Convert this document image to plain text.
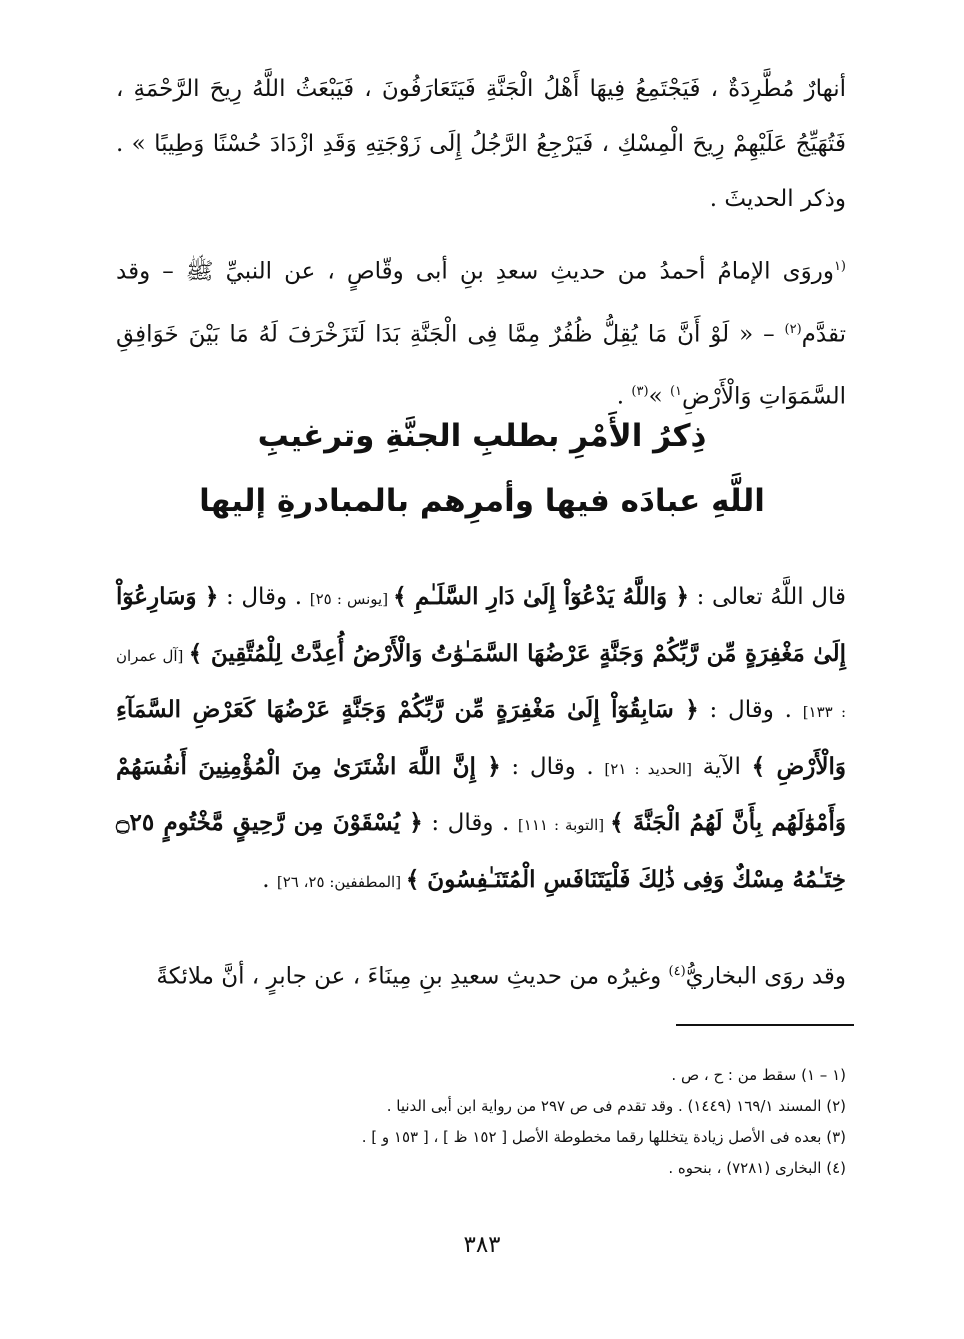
أنهارٌ مُطَّرِدَةٌ ، فَيَجْتَمِعُ فِيهَا أَهْلُ الْجَنَّةِ فَيَتَعَارَفُونَ ، فَيَبْعَثُ اللَّهُ رِيحَ الرَّحْمَةِ ، فَتُهَيِّجُ عَلَيْهِمْ رِيحَ الْمِسْكِ ، فَيَرْجِعُ الرَّجُلُ إِلَى زَوْجَتِهِ وَقَدِ ازْدَادَ حُسْنًا وَطِيبًا » . وذكر الحديثَ .

$^{(١}$وروَى الإمامُ أحمدُ من حديثِ سعدِ بنِ أبى وقّاصٍ ، عن النبيِّ ﷺ – وقد تقدَّم$^{(٢)}$ – « لَوْ أَنَّ مَا يُقِلُّ ظُفُرٌ مِمَّا فِى الْجَنَّةِ بَدَا لَتَزَخْرَفَ لَهُ مَا بَيْنَ خَوَافِقِ السَّمَوَاتِ وَالْأَرْضِ$^{١)}$ »$^{(٣)}$ .

ذِكرُ الأَمْرِ بطلبِ الجنَّةِ وترغيبِ
اللَّهِ عبادَه فيها وأمرِهم بالمبادرةِ إليها

قال اللَّهُ تعالى : ﴿ وَاللَّهُ يَدْعُوٓاْ إِلَىٰ دَارِ السَّلَـٰمِ ﴾ [يونس : ٢٥] . وقال : ﴿ وَسَارِعُوٓاْ إِلَىٰ مَغْفِرَةٍ مِّن رَّبِّكُمْ وَجَنَّةٍ عَرْضُهَا السَّمَـٰوَٰتُ وَالْأَرْضُ أُعِدَّتْ لِلْمُتَّقِينَ ﴾ [آل عمران : ١٣٣] . وقال : ﴿ سَابِقُوٓاْ إِلَىٰ مَغْفِرَةٍ مِّن رَّبِّكُمْ وَجَنَّةٍ عَرْضُهَا كَعَرْضِ السَّمَآءِ وَالْأَرْضِ ﴾ الآية [الحديد : ٢١] . وقال : ﴿ إِنَّ اللَّهَ اشْتَرَىٰ مِنَ الْمُؤْمِنِينَ أَنفُسَهُمْ وَأَمْوَٰلَهُم بِأَنَّ لَهُمُ الْجَنَّةَ ﴾ [التوبة : ١١١] . وقال : ﴿ يُسْقَوْنَ مِن رَّحِيقٍ مَّخْتُومٍ ۝٢٥ خِتَـٰمُهُ مِسْكٌ وَفِى ذَٰلِكَ فَلْيَتَنَافَسِ الْمُتَنَـٰفِسُونَ ﴾ [المطففين: ٢٥، ٢٦] .

وقد روَى البخاريُّ$^{(٤)}$ وغيرُه من حديثِ سعيدِ بنِ مِينَاءَ ، عن جابرٍ ، أنَّ ملائكةً

(١ – ١) سقط من : ح ، ص .
(٢) المسند ١٦٩/١ (١٤٤٩) . وقد تقدم فى ص ٢٩٧ من رواية ابن أبى الدنيا .
(٣) بعده فى الأصل زيادة يتخللها رقما مخطوطة الأصل [ ١٥٢ ظ ] ، [ ١٥٣ و ] .
(٤) البخارى (٧٢٨١) ، بنحوه .
٣٨٣
